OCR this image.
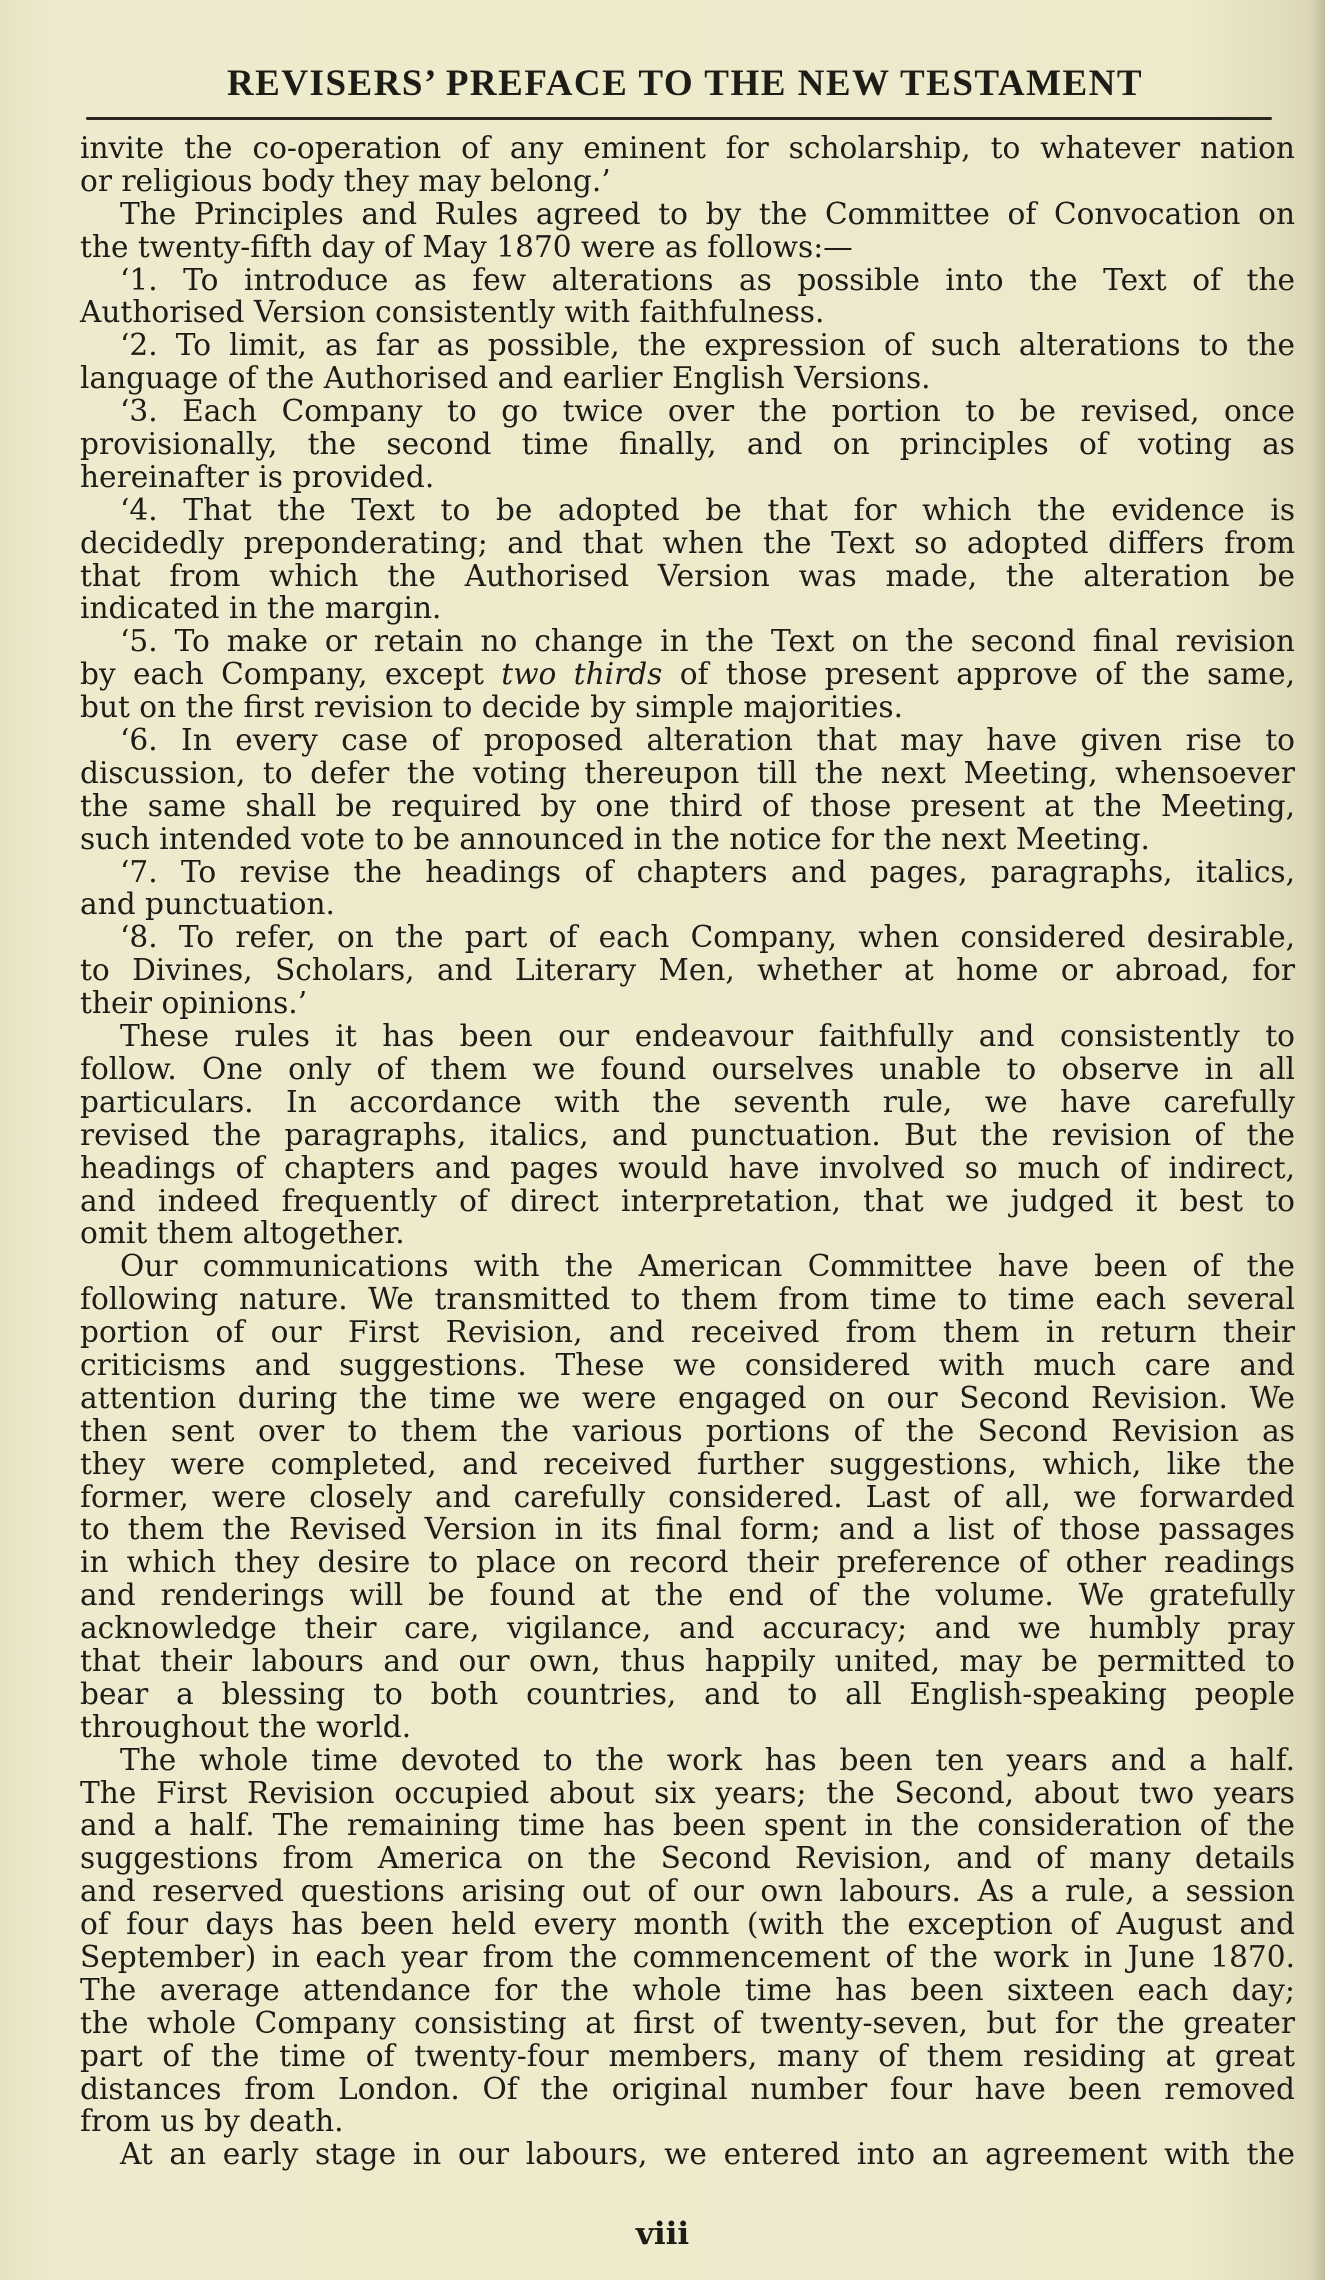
REVISERS’ PREFACE TO THE NEW TESTAMENT
invite the co-operation of any eminent for scholarship, to whatever nation
or religious body they may belong.’
The Principles and Rules agreed to by the Committee of Convocation on
the twenty-fifth day of May 1870 were as follows:—
‘1. To introduce as few alterations as possible into the Text of the
Authorised Version consistently with faithfulness.
‘2. To limit, as far as possible, the expression of such alterations to the
language of the Authorised and earlier English Versions.
‘3. Each Company to go twice over the portion to be revised, once
provisionally, the second time finally, and on principles of voting as
hereinafter is provided.
‘4. That the Text to be adopted be that for which the evidence is
decidedly preponderating; and that when the Text so adopted differs from
that from which the Authorised Version was made, the alteration be
indicated in the margin.
‘5. To make or retain no change in the Text on the second final revision
by each Company, except two thirds of those present approve of the same,
but on the first revision to decide by simple majorities.
‘6. In every case of proposed alteration that may have given rise to
discussion, to defer the voting thereupon till the next Meeting, whensoever
the same shall be required by one third of those present at the Meeting,
such intended vote to be announced in the notice for the next Meeting.
‘7. To revise the headings of chapters and pages, paragraphs, italics,
and punctuation.
‘8. To refer, on the part of each Company, when considered desirable,
to Divines, Scholars, and Literary Men, whether at home or abroad, for
their opinions.’
These rules it has been our endeavour faithfully and consistently to
follow. One only of them we found ourselves unable to observe in all
particulars. In accordance with the seventh rule, we have carefully
revised the paragraphs, italics, and punctuation. But the revision of the
headings of chapters and pages would have involved so much of indirect,
and indeed frequently of direct interpretation, that we judged it best to
omit them altogether.
Our communications with the American Committee have been of the
following nature. We transmitted to them from time to time each several
portion of our First Revision, and received from them in return their
criticisms and suggestions. These we considered with much care and
attention during the time we were engaged on our Second Revision. We
then sent over to them the various portions of the Second Revision as
they were completed, and received further suggestions, which, like the
former, were closely and carefully considered. Last of all, we forwarded
to them the Revised Version in its final form; and a list of those passages
in which they desire to place on record their preference of other readings
and renderings will be found at the end of the volume. We gratefully
acknowledge their care, vigilance, and accuracy; and we humbly pray
that their labours and our own, thus happily united, may be permitted to
bear a blessing to both countries, and to all English-speaking people
throughout the world.
The whole time devoted to the work has been ten years and a half.
The First Revision occupied about six years; the Second, about two years
and a half. The remaining time has been spent in the consideration of the
suggestions from America on the Second Revision, and of many details
and reserved questions arising out of our own labours. As a rule, a session
of four days has been held every month (with the exception of August and
September) in each year from the commencement of the work in June 1870.
The average attendance for the whole time has been sixteen each day;
the whole Company consisting at first of twenty-seven, but for the greater
part of the time of twenty-four members, many of them residing at great
distances from London. Of the original number four have been removed
from us by death.
At an early stage in our labours, we entered into an agreement with the
viii
